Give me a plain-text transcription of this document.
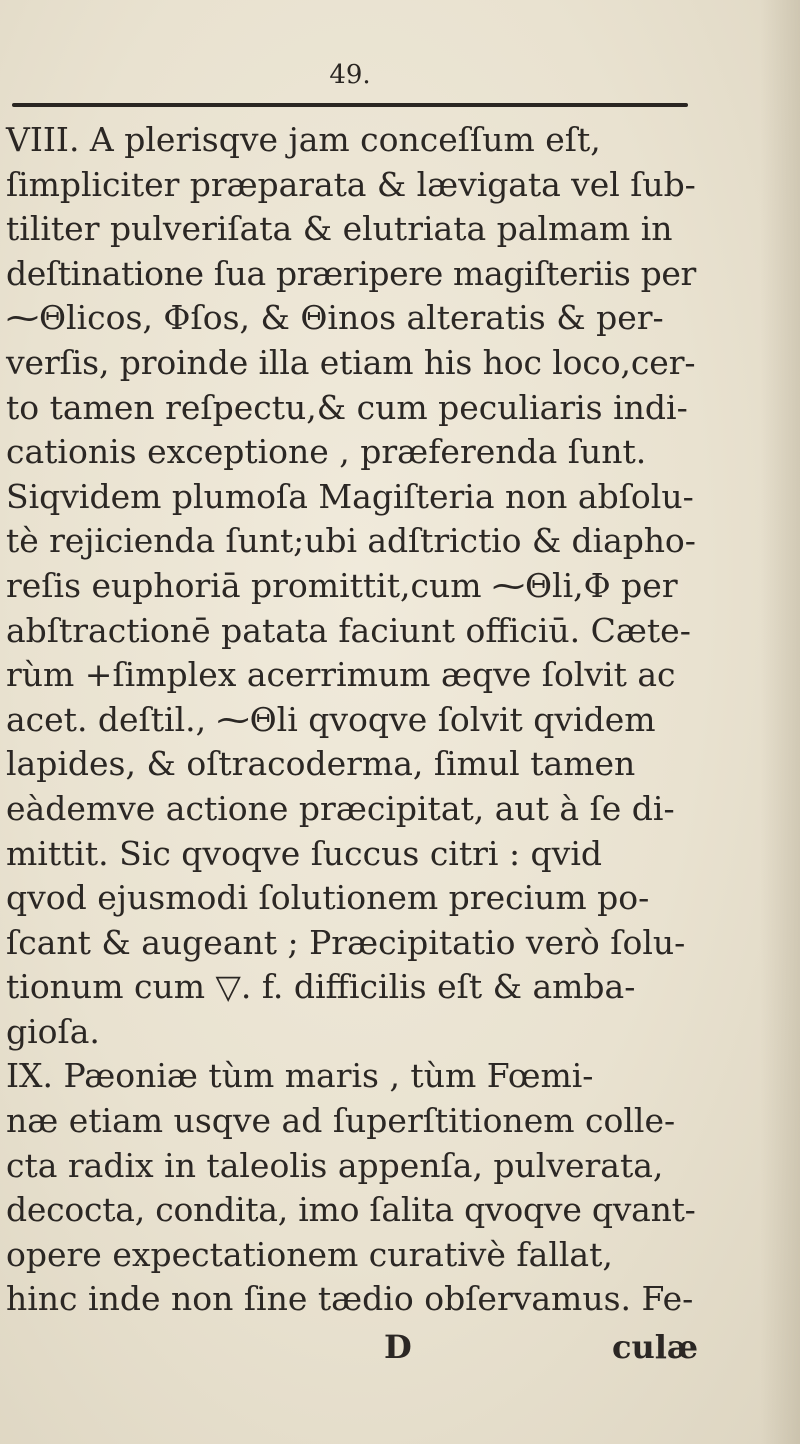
49.
VIII. A plerisqve jam conceſſum eſt,
ſimpliciter præparata & lævigata vel ſub-
tiliter pulveriſata & elutriata palmam in
deſtinatione ſua præripere magiſteriis per
⁓Θlicos, Φſos, & Θinos alteratis & per-
verſis, proinde illa etiam his hoc loco,cer-
to tamen reſpectu,& cum peculiaris indi-
cationis exceptione , præferenda ſunt.
Siqvidem plumoſa Magiſteria non abſolu-
tè rejicienda ſunt;ubi adſtrictio & diapho-
reſis euphoriā promittit,cum ⁓Θli,Φ per
abſtractionē patata faciunt officiū. Cæte-
rùm +ſimplex acerrimum æqve ſolvit ac
acet. deſtil., ⁓Θli qvoqve ſolvit qvidem
lapides, & oſtracoderma, ſimul tamen
eàdemve actione præcipitat, aut à ſe di-
mittit. Sic qvoqve ſuccus citri : qvid
qvod ejusmodi ſolutionem precium po-
ſcant & augeant ; Præcipitatio verò ſolu-
tionum cum ▽. f. difficilis eſt & amba-
gioſa.
IX. Pæoniæ tùm maris , tùm Fœmi-
næ etiam usqve ad ſuperſtitionem colle-
cta radix in taleolis appenſa, pulverata,
decocta, condita, imo ſalita qvoqve qvant-
opere expectationem curativè fallat,
hinc inde non ſine tædio obſervamus. Fe-
D	culæ
